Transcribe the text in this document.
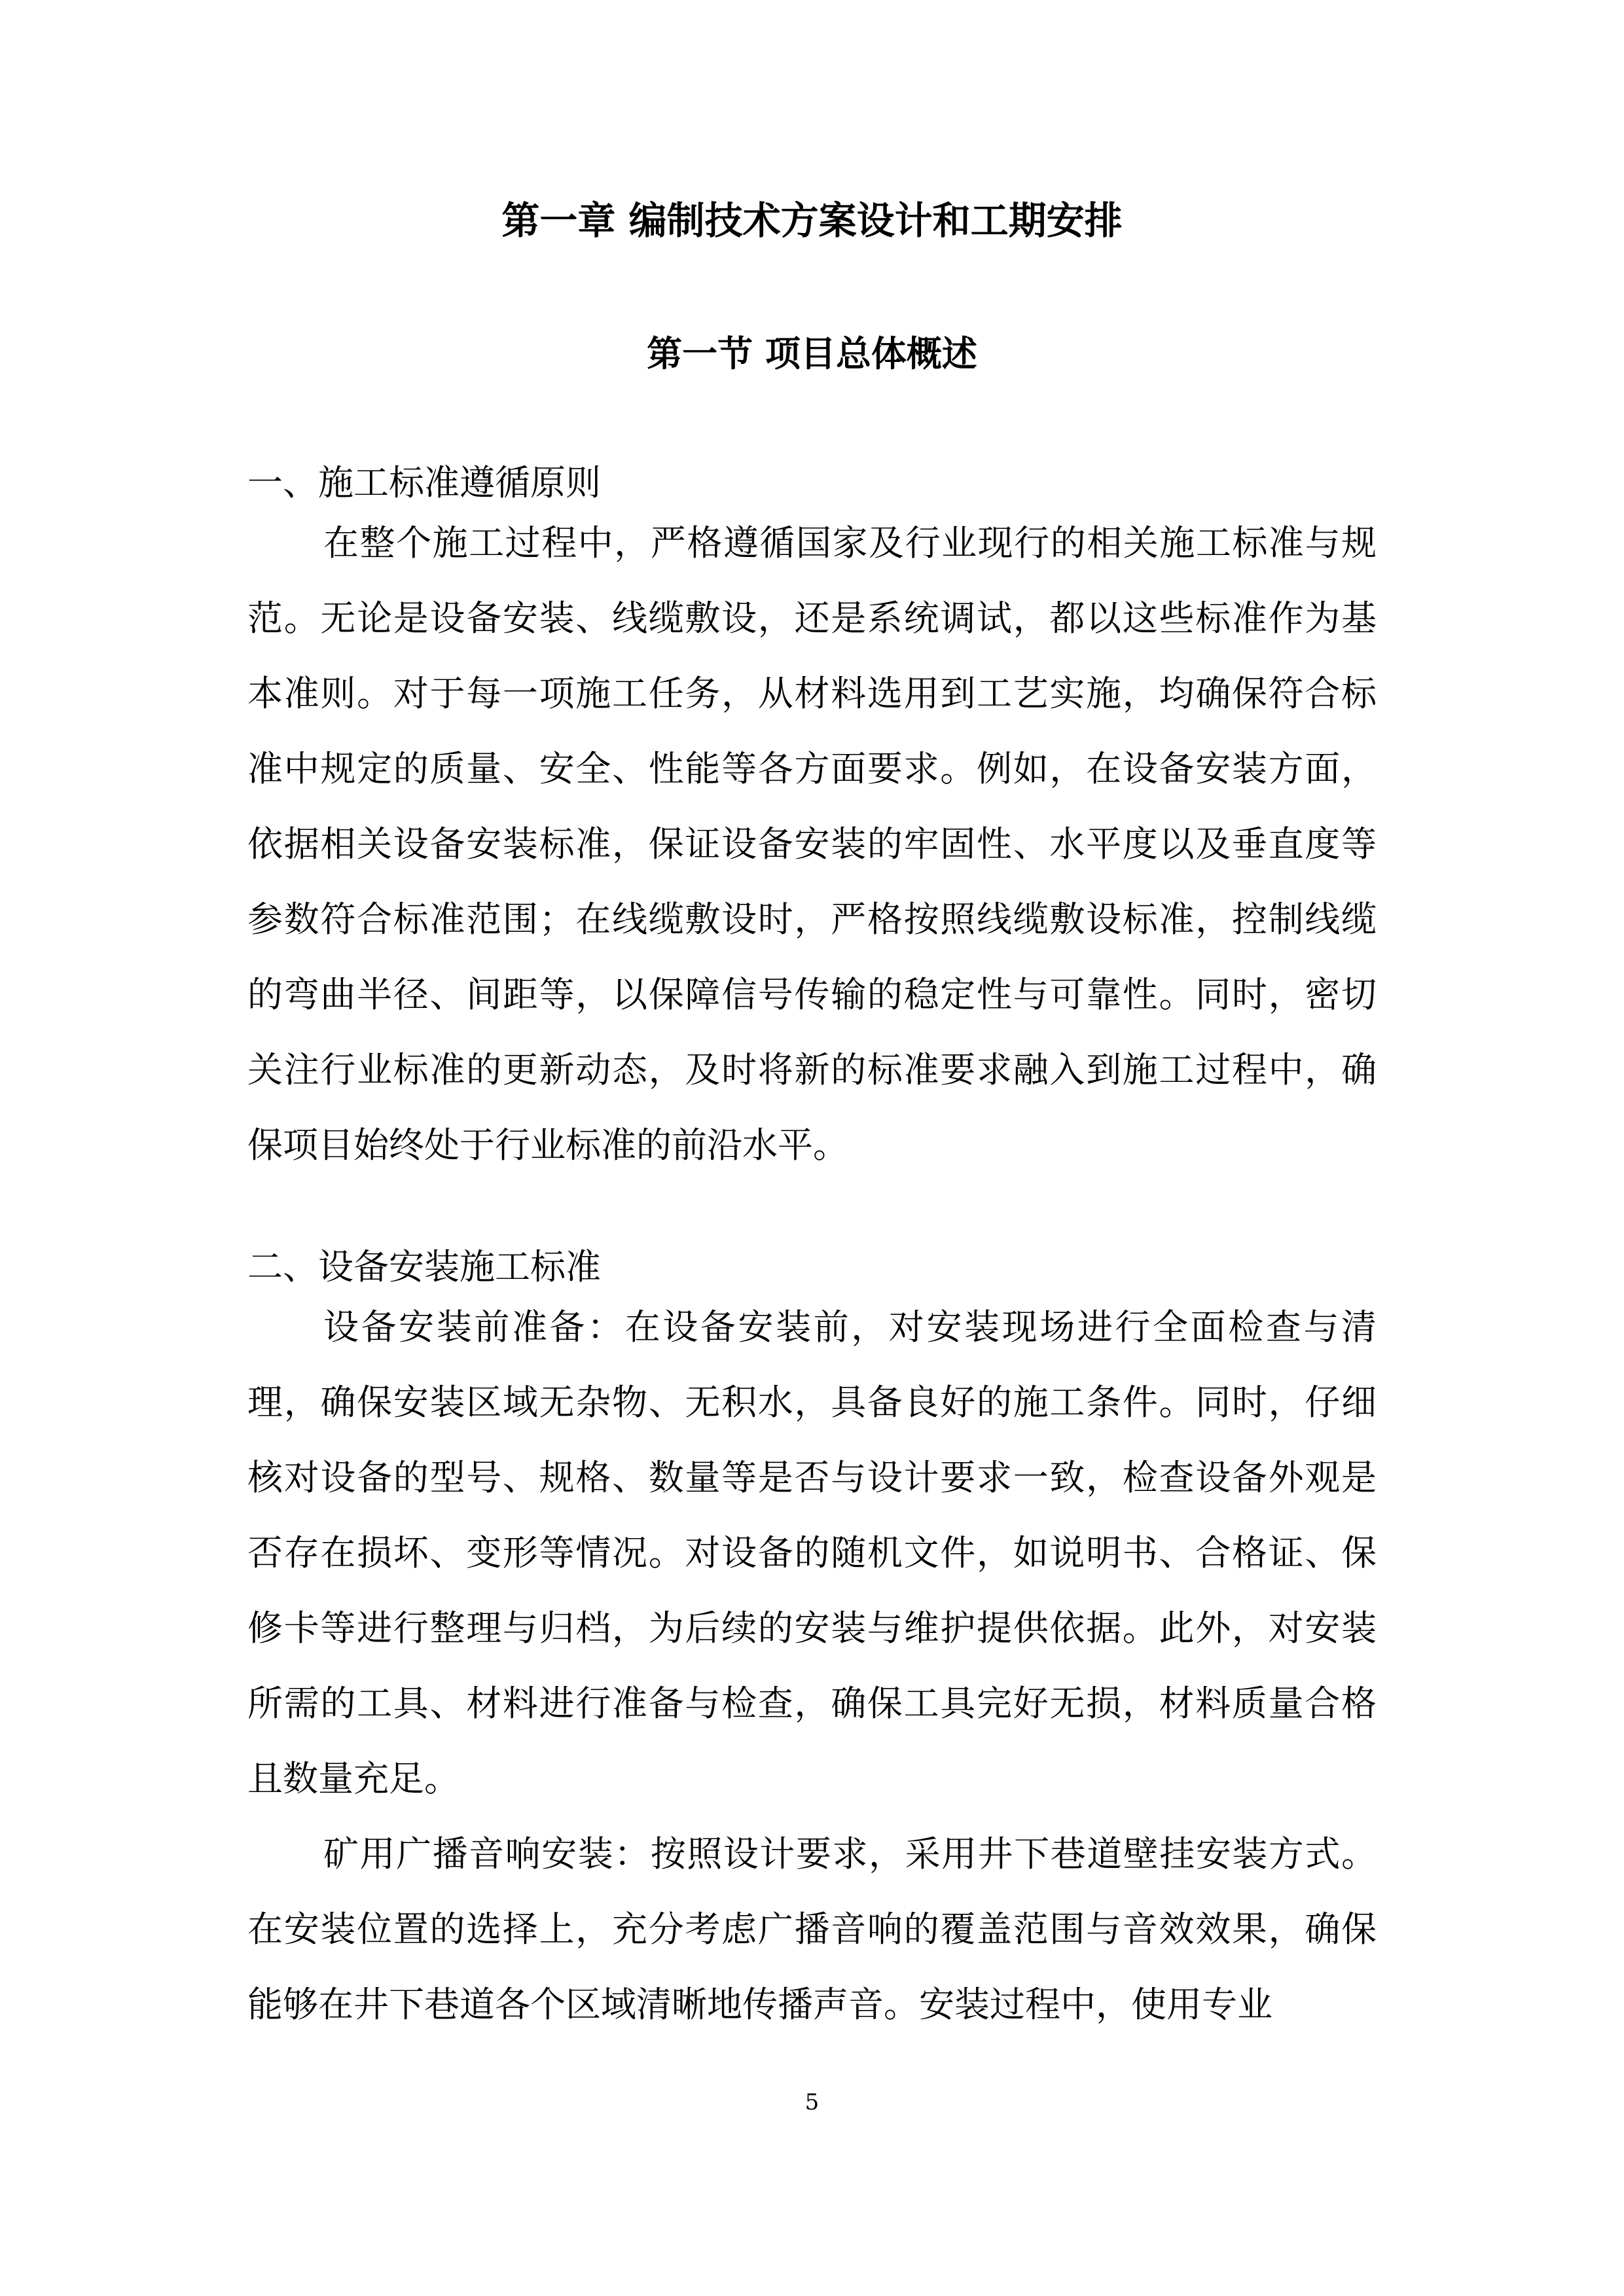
第一章 编制技术方案设计和工期安排
第一节 项目总体概述

一、施工标准遵循原则

在整个施工过程中，严格遵循国家及行业现行的相关施工标准与规范。无论是设备安装、线缆敷设，还是系统调试，都以这些标准作为基本准则。对于每一项施工任务，从材料选用到工艺实施，均确保符合标准中规定的质量、安全、性能等各方面要求。例如，在设备安装方面，依据相关设备安装标准，保证设备安装的牢固性、水平度以及垂直度等参数符合标准范围；在线缆敷设时，严格按照线缆敷设标准，控制线缆的弯曲半径、间距等，以保障信号传输的稳定性与可靠性。同时，密切关注行业标准的更新动态，及时将新的标准要求融入到施工过程中，确保项目始终处于行业标准的前沿水平。

二、设备安装施工标准

设备安装前准备：在设备安装前，对安装现场进行全面检查与清理，确保安装区域无杂物、无积水，具备良好的施工条件。同时，仔细核对设备的型号、规格、数量等是否与设计要求一致，检查设备外观是否存在损坏、变形等情况。对设备的随机文件，如说明书、合格证、保修卡等进行整理与归档，为后续的安装与维护提供依据。此外，对安装所需的工具、材料进行准备与检查，确保工具完好无损，材料质量合格且数量充足。

矿用广播音响安装：按照设计要求，采用井下巷道壁挂安装方式。在安装位置的选择上，充分考虑广播音响的覆盖范围与音效效果，确保能够在井下巷道各个区域清晰地传播声音。安装过程中，使用专业

5
